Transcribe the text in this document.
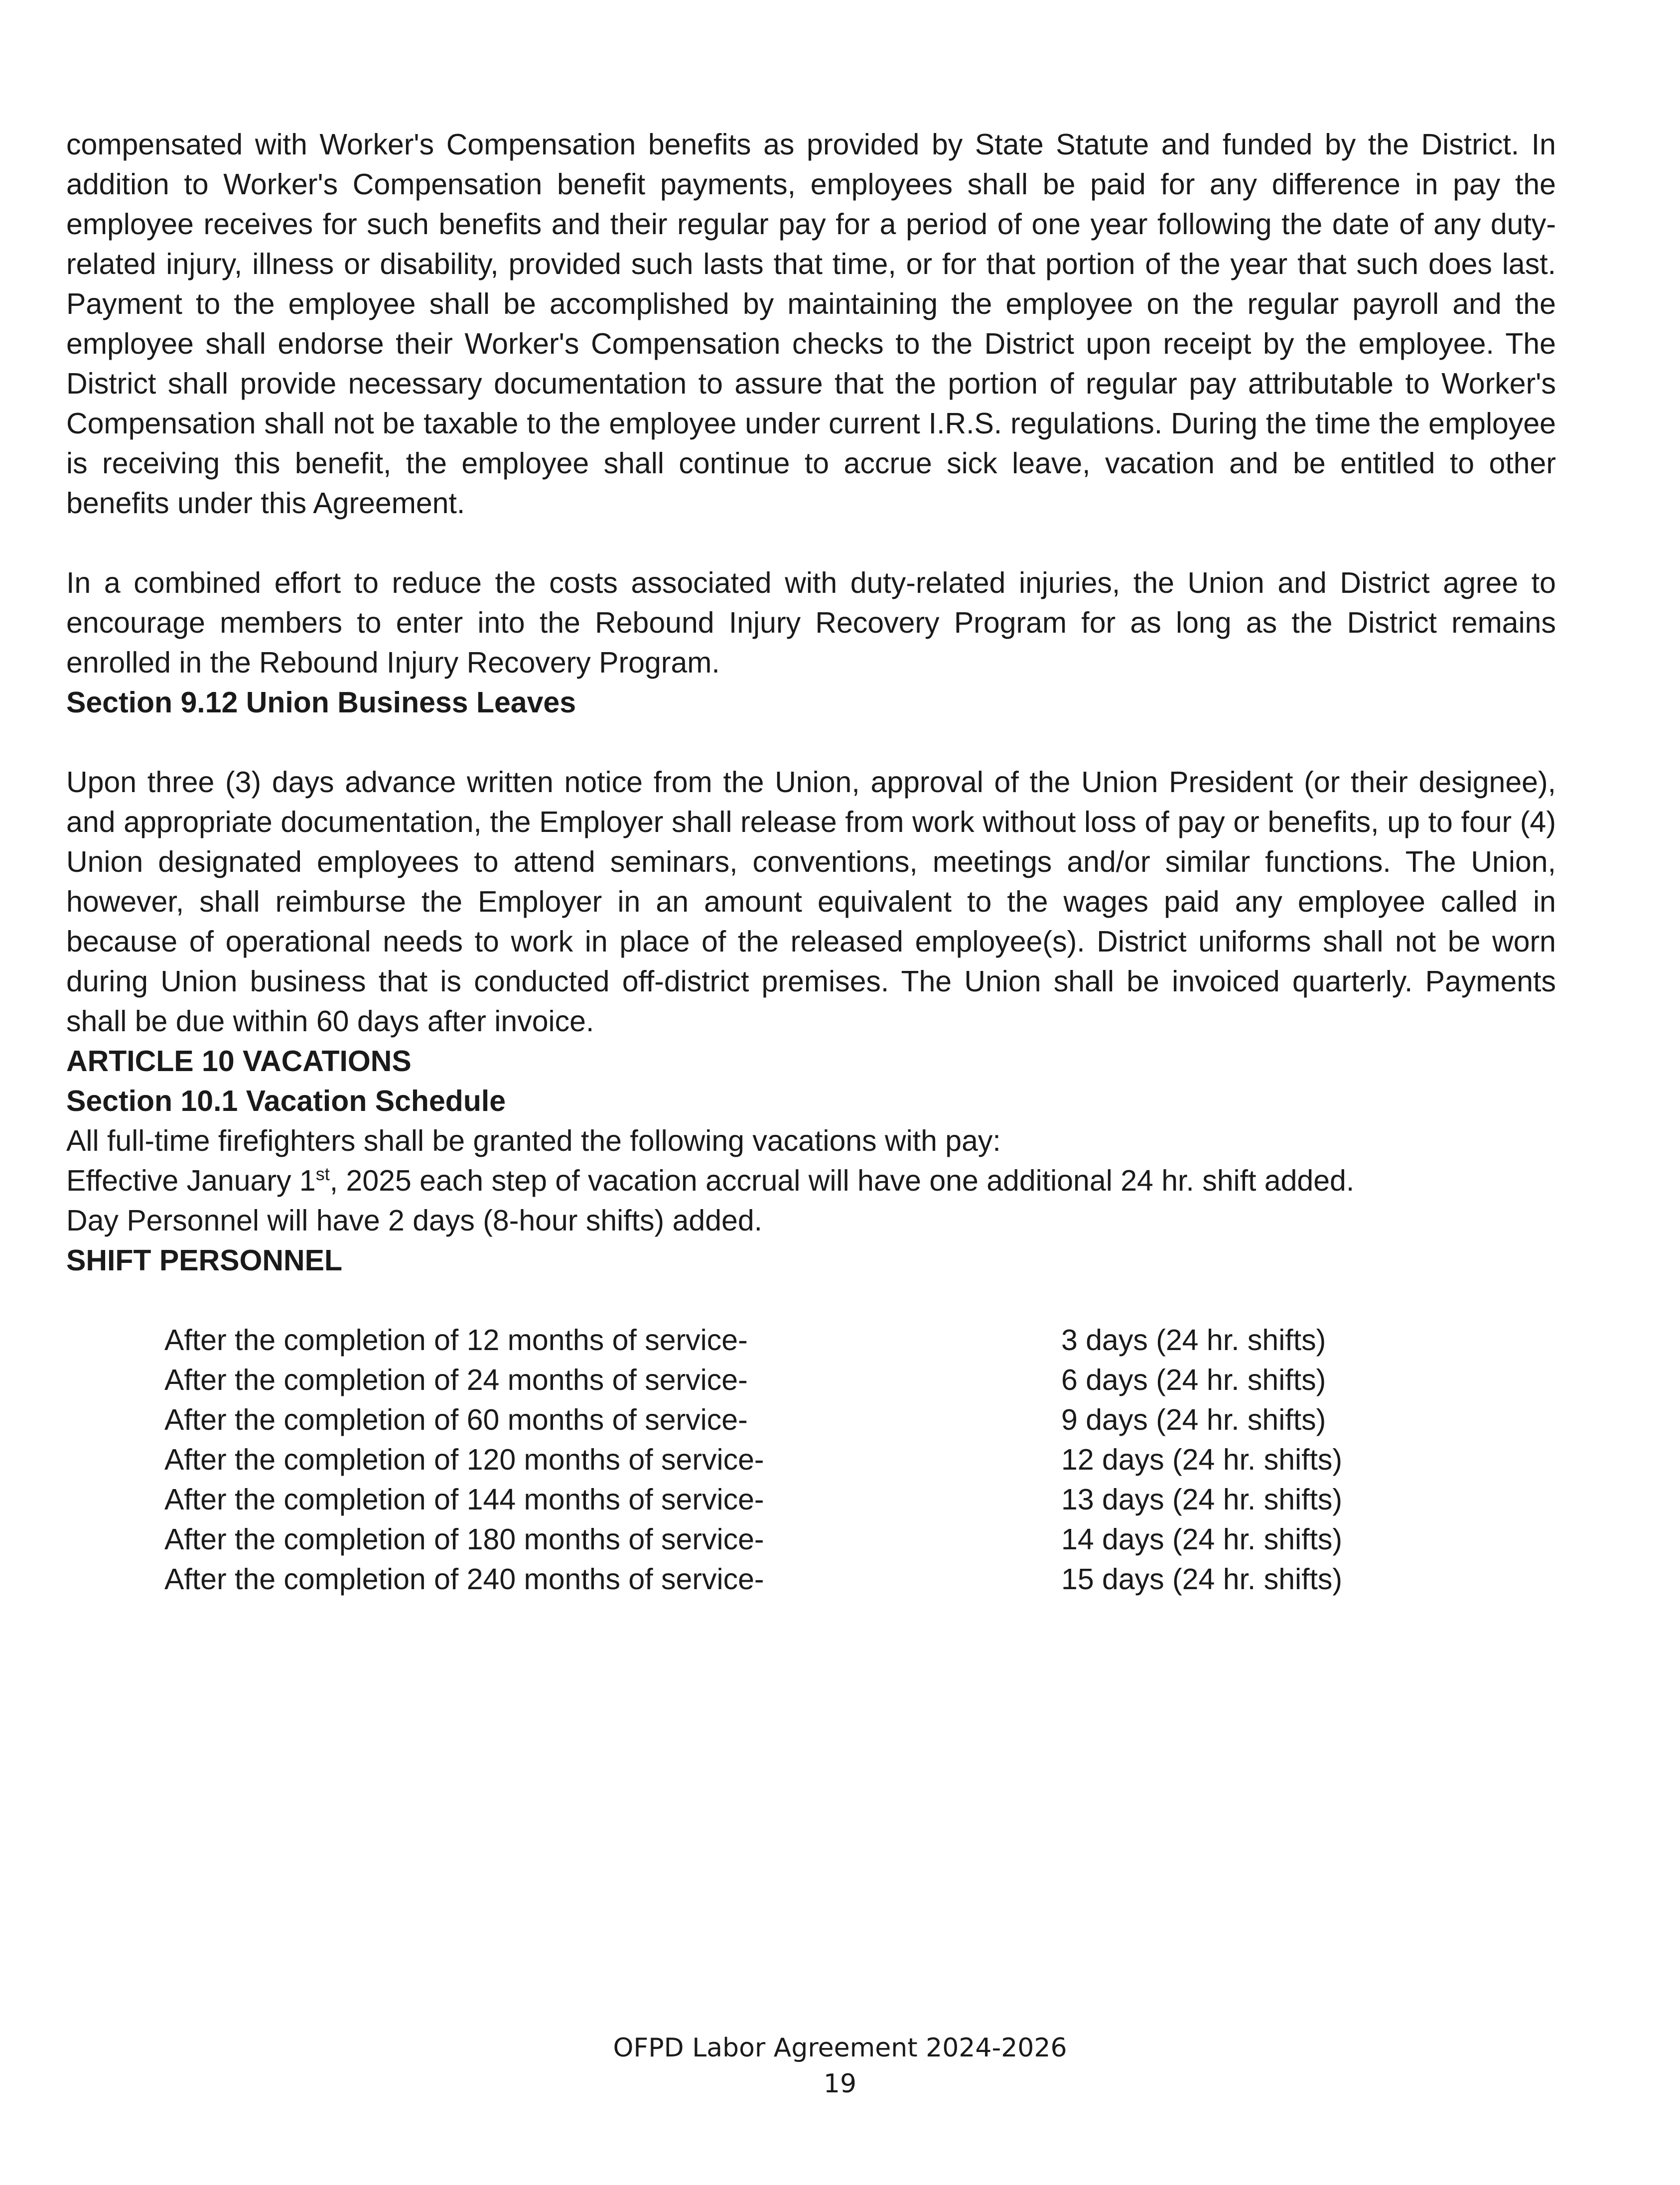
compensated with Worker's Compensation benefits as provided by State Statute and funded by the District. In addition to Worker's Compensation benefit payments, employees shall be paid for any difference in pay the employee receives for such benefits and their regular pay for a period of one year following the date of any duty-related injury, illness or disability, provided such lasts that time, or for that portion of the year that such does last. Payment to the employee shall be accomplished by maintaining the employee on the regular payroll and the employee shall endorse their Worker's Compensation checks to the District upon receipt by the employee. The District shall provide necessary documentation to assure that the portion of regular pay attributable to Worker's Compensation shall not be taxable to the employee under current I.R.S. regulations. During the time the employee is receiving this benefit, the employee shall continue to accrue sick leave, vacation and be entitled to other benefits under this Agreement.

In a combined effort to reduce the costs associated with duty-related injuries, the Union and District agree to encourage members to enter into the Rebound Injury Recovery Program for as long as the District remains enrolled in the Rebound Injury Recovery Program.

Section 9.12 Union Business Leaves

Upon three (3) days advance written notice from the Union, approval of the Union President (or their designee), and appropriate documentation, the Employer shall release from work without loss of pay or benefits, up to four (4) Union designated employees to attend seminars, conventions, meetings and/or similar functions. The Union, however, shall reimburse the Employer in an amount equivalent to the wages paid any employee called in because of operational needs to work in place of the released employee(s). District uniforms shall not be worn during Union business that is conducted off-district premises. The Union shall be invoiced quarterly. Payments shall be due within 60 days after invoice.

ARTICLE 10 VACATIONS

Section 10.1 Vacation Schedule

All full-time firefighters shall be granted the following vacations with pay:

Effective January 1st, 2025 each step of vacation accrual will have one additional 24 hr. shift added.

Day Personnel will have 2 days (8-hour shifts) added.

SHIFT PERSONNEL

After the completion of 12 months of service-	3 days (24 hr. shifts)
After the completion of 24 months of service-	6 days (24 hr. shifts)
After the completion of 60 months of service-	9 days (24 hr. shifts)
After the completion of 120 months of service-	12 days (24 hr. shifts)
After the completion of 144 months of service-	13 days (24 hr. shifts)
After the completion of 180 months of service-	14 days (24 hr. shifts)
After the completion of 240 months of service-	15 days (24 hr. shifts)
OFPD Labor Agreement 2024-2026
19
